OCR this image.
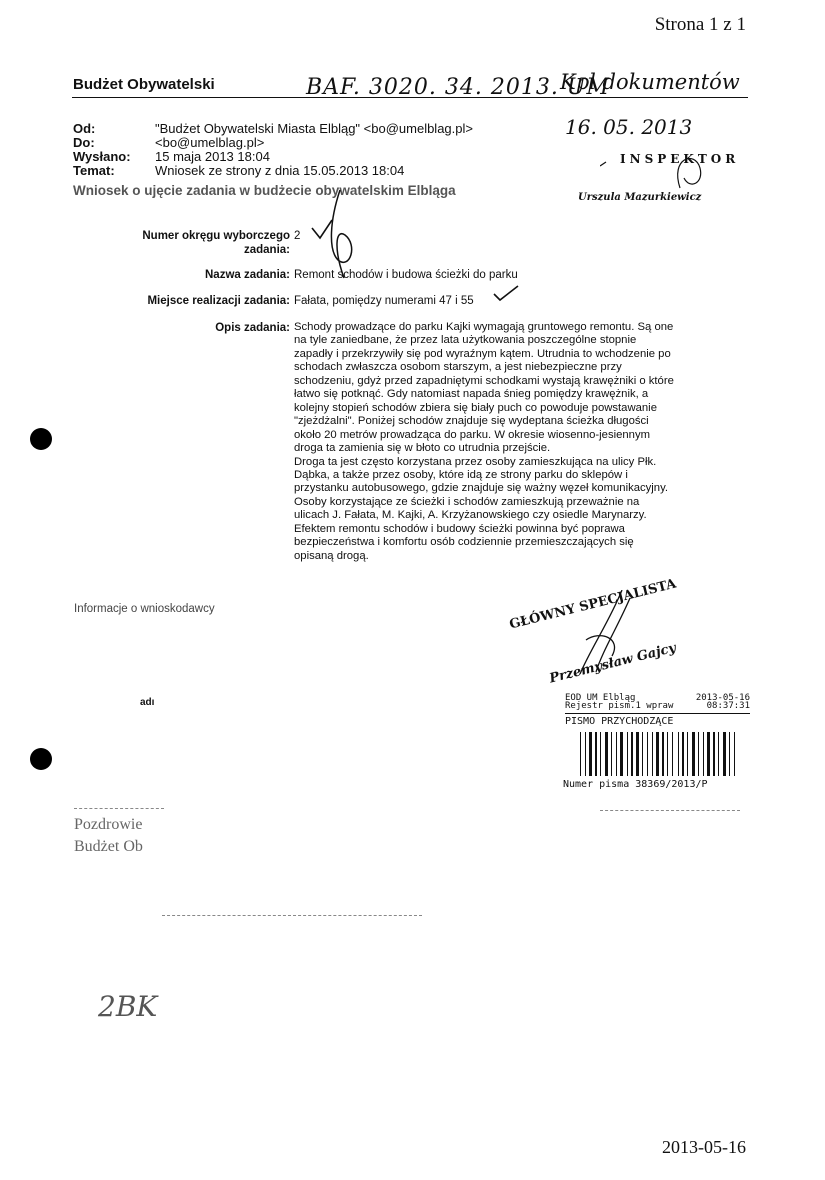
Strona 1 z 1
Budżet Obywatelski	BAF. 3020. 34. 2013. UM
Kpl dokumentów
16. 05. 2013
Od:	"Budżet Obywatelski Miasta Elbląg" <bo@umelblag.pl>
Do:	<bo@umelblag.pl>
Wysłano:	15 maja 2013 18:04
Temat:	Wniosek ze strony z dnia 15.05.2013 18:04
Wniosek o ujęcie zadania w budżecie obywatelskim Elbląga
INSPEKTOR
Urszula Mazurkiewicz
Numer okręgu wyborczego
zadania:
2
Nazwa zadania: Remont schodów i budowa ścieżki do parku
Miejsce realizacji zadania: Fałata, pomiędzy numerami 47 i 55
Opis zadania: Schody prowadzące do parku Kajki wymagają gruntowego remontu. Są one
na tyle zaniedbane, że przez lata użytkowania poszczególne stopnie
zapadły i przekrzywiły się pod wyraźnym kątem. Utrudnia to wchodzenie po
schodach zwłaszcza osobom starszym, a jest niebezpieczne przy
schodzeniu, gdyż przed zapadniętymi schodkami wystają krawężniki o które
łatwo się potknąć. Gdy natomiast napada śnieg pomiędzy krawężnik, a
kolejny stopień schodów zbiera się biały puch co powoduje powstawanie
"zjeżdżalni". Poniżej schodów znajduje się wydeptana ścieżka długości
około 20 metrów prowadząca do parku. W okresie wiosenno-jesiennym
droga ta zamienia się w błoto co utrudnia przejście.
Droga ta jest często korzystana przez osoby zamieszkująca na ulicy Płk.
Dąbka, a także przez osoby, które idą ze strony parku do sklepów i
przystanku autobusowego, gdzie znajduje się ważny węzeł komunikacyjny.
Osoby korzystające ze ścieżki i schodów zamieszkują przeważnie na
ulicach J. Fałata, M. Kajki, A. Krzyżanowskiego czy osiedle Marynarzy.
Efektem remontu schodów i budowy ścieżki powinna być poprawa
bezpieczeństwa i komfortu osób codziennie przemieszczających się
opisaną drogą.
Informacje o wnioskodawcy
adı
GŁÓWNY SPECJALISTA
Przemysław Gajcy
EOD UM Elbląg	2013-05-16
Rejestr pism.1 wpraw	08:37:31
PISMO PRZYCHODZĄCE
Numer pisma 38369/2013/P
Pozdrowie
Budżet Ob
2BK
2013-05-16
